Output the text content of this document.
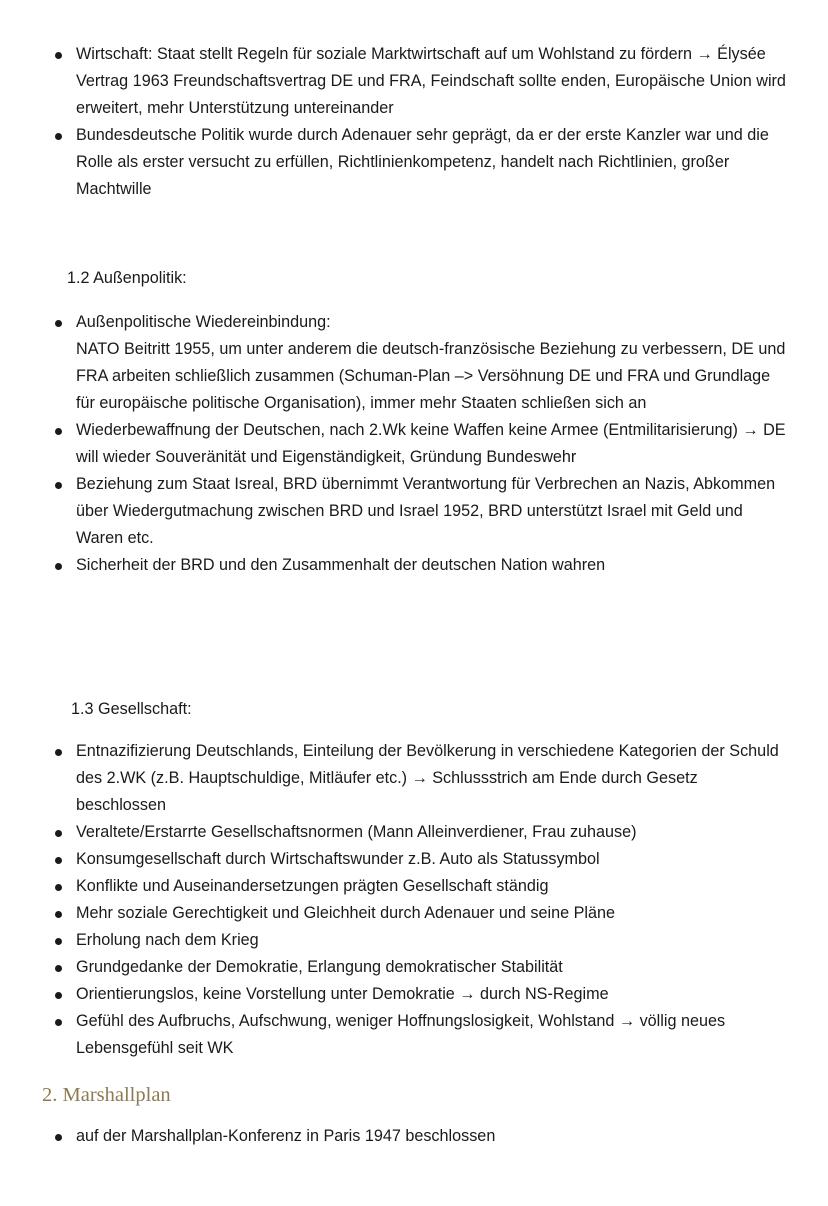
Wirtschaft: Staat stellt Regeln für soziale Marktwirtschaft auf um Wohlstand zu fördern → Élysée Vertrag 1963 Freundschaftsvertrag DE und FRA, Feindschaft sollte enden, Europäische Union wird erweitert, mehr Unterstützung untereinander
Bundesdeutsche Politik wurde durch Adenauer sehr geprägt, da er der erste Kanzler war und die Rolle als erster versucht zu erfüllen, Richtlinienkompetenz, handelt nach Richtlinien, großer Machtwille
1.2 Außenpolitik:
Außenpolitische Wiedereinbindung:
NATO Beitritt 1955, um unter anderem die deutsch-französische Beziehung zu verbessern, DE und FRA arbeiten schließlich zusammen (Schuman-Plan –> Versöhnung DE und FRA und Grundlage für europäische politische Organisation), immer mehr Staaten schließen sich an
Wiederbewaffnung der Deutschen, nach 2.Wk keine Waffen keine Armee (Entmilitarisierung) → DE will wieder Souveränität und Eigenständigkeit, Gründung Bundeswehr
Beziehung zum Staat Isreal, BRD übernimmt Verantwortung für Verbrechen an Nazis, Abkommen über Wiedergutmachung zwischen BRD und Israel 1952, BRD unterstützt Israel mit Geld und Waren etc.
Sicherheit der BRD und den Zusammenhalt der deutschen Nation wahren
1.3 Gesellschaft:
Entnazifizierung Deutschlands, Einteilung der Bevölkerung in verschiedene Kategorien der Schuld des 2.WK (z.B. Hauptschuldige, Mitläufer etc.) → Schlussstrich am Ende durch Gesetz beschlossen
Veraltete/Erstarrte Gesellschaftsnormen (Mann Alleinverdiener, Frau zuhause)
Konsumgesellschaft durch Wirtschaftswunder z.B. Auto als Statussymbol
Konflikte und Auseinandersetzungen prägten Gesellschaft ständig
Mehr soziale Gerechtigkeit und Gleichheit durch Adenauer und seine Pläne
Erholung nach dem Krieg
Grundgedanke der Demokratie, Erlangung demokratischer Stabilität
Orientierungslos, keine Vorstellung unter Demokratie → durch NS-Regime
Gefühl des Aufbruchs, Aufschwung, weniger Hoffnungslosigkeit, Wohlstand → völlig neues Lebensgefühl seit WK
2. Marshallplan
auf der Marshallplan-Konferenz in Paris 1947 beschlossen
